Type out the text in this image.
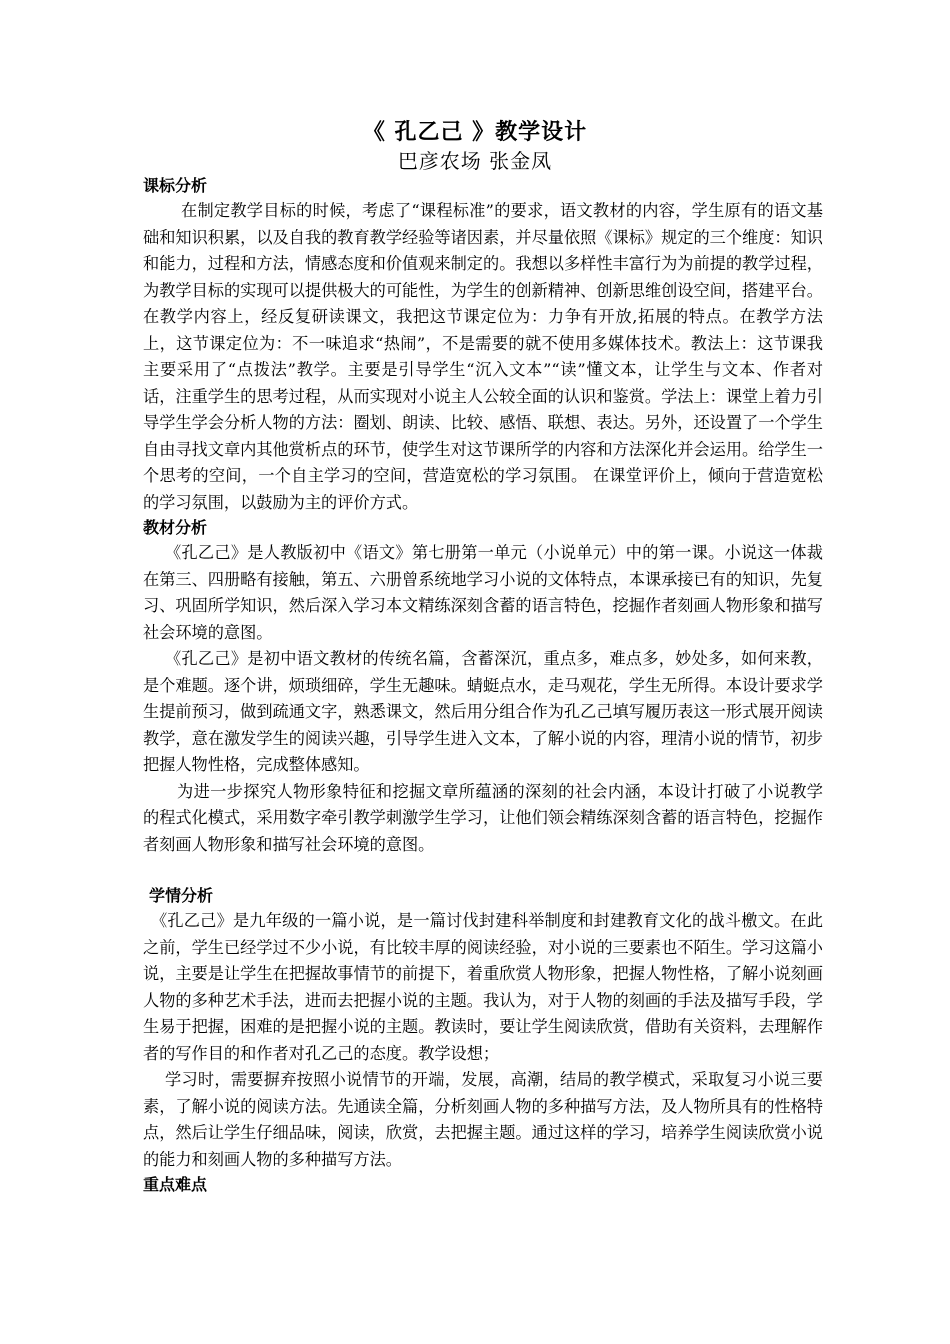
《 孔乙己 》教学设计
巴彦农场 张金凤
课标分析

在制定教学目标的时候，考虑了“课程标准”的要求，语文教材的内容，学生原有的语文基础和知识积累，以及自我的教育教学经验等诸因素，并尽量依照《课标》规定的三个维度：知识和能力，过程和方法，情感态度和价值观来制定的。我想以多样性丰富行为为前提的教学过程，为教学目标的实现可以提供极大的可能性，为学生的创新精神、创新思维创设空间，搭建平台。在教学内容上，经反复研读课文，我把这节课定位为：力争有开放,拓展的特点。在教学方法上，这节课定位为：不一味追求“热闹”，不是需要的就不使用多媒体技术。教法上：这节课我主要采用了“点拨法”教学。主要是引导学生“沉入文本”“读”懂文本，让学生与文本、作者对话，注重学生的思考过程，从而实现对小说主人公较全面的认识和鉴赏。学法上：课堂上着力引导学生学会分析人物的方法：圈划、朗读、比较、感悟、联想、表达。另外，还设置了一个学生自由寻找文章内其他赏析点的环节，使学生对这节课所学的内容和方法深化并会运用。给学生一个思考的空间，一个自主学习的空间，营造宽松的学习氛围。 在课堂评价上，倾向于营造宽松的学习氛围，以鼓励为主的评价方式。

教材分析

《孔乙己》是人教版初中《语文》第七册第一单元（小说单元）中的第一课。小说这一体裁在第三、四册略有接触，第五、六册曾系统地学习小说的文体特点，本课承接已有的知识，先复习、巩固所学知识，然后深入学习本文精练深刻含蓄的语言特色，挖掘作者刻画人物形象和描写社会环境的意图。

《孔乙己》是初中语文教材的传统名篇，含蓄深沉，重点多，难点多，妙处多，如何来教，是个难题。逐个讲，烦琐细碎，学生无趣味。蜻蜓点水，走马观花，学生无所得。本设计要求学生提前预习，做到疏通文字，熟悉课文，然后用分组合作为孔乙己填写履历表这一形式展开阅读教学，意在激发学生的阅读兴趣，引导学生进入文本，了解小说的内容，理清小说的情节，初步把握人物性格，完成整体感知。

为进一步探究人物形象特征和挖掘文章所蕴涵的深刻的社会内涵，本设计打破了小说教学的程式化模式，采用数字牵引教学刺激学生学习，让他们领会精练深刻含蓄的语言特色，挖掘作者刻画人物形象和描写社会环境的意图。

学情分析

《孔乙己》是九年级的一篇小说，是一篇讨伐封建科举制度和封建教育文化的战斗檄文。在此之前，学生已经学过不少小说，有比较丰厚的阅读经验，对小说的三要素也不陌生。学习这篇小说，主要是让学生在把握故事情节的前提下，着重欣赏人物形象，把握人物性格，了解小说刻画人物的多种艺术手法，进而去把握小说的主题。我认为，对于人物的刻画的手法及描写手段，学生易于把握，困难的是把握小说的主题。教读时，要让学生阅读欣赏，借助有关资料，去理解作者的写作目的和作者对孔乙己的态度。教学设想；

学习时，需要摒弃按照小说情节的开端，发展，高潮，结局的教学模式，采取复习小说三要素，了解小说的阅读方法。先通读全篇，分析刻画人物的多种描写方法，及人物所具有的性格特点，然后让学生仔细品味，阅读，欣赏，去把握主题。通过这样的学习，培养学生阅读欣赏小说的能力和刻画人物的多种描写方法。

重点难点
